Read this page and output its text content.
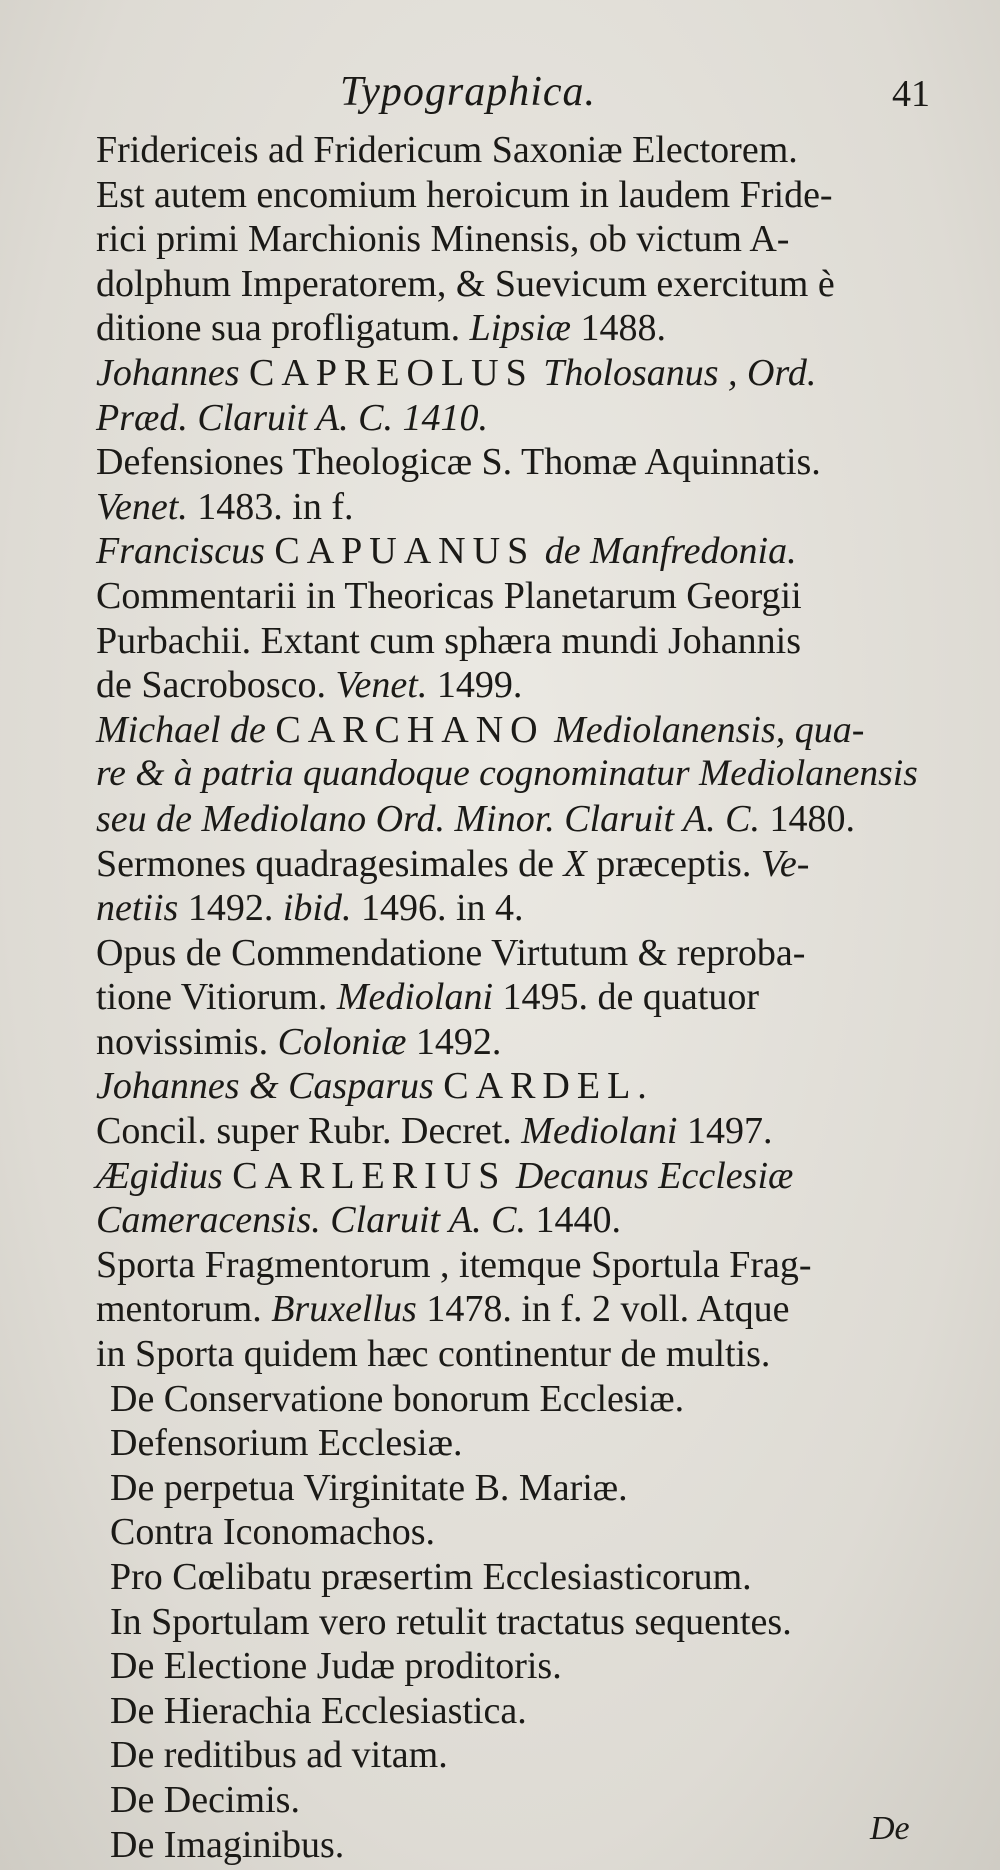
Typographica.	41
Fridericeis ad Fridericum Saxoniæ Electorem.
Est autem encomium heroicum in laudem Fride-
rici primi Marchionis Minensis, ob victum A-
dolphum Imperatorem, & Suevicum exercitum è
ditione sua profligatum. Lipsiæ 1488.
Johannes CAPREOLUS Tholosanus , Ord.
Præd. Claruit A. C. 1410.
Defensiones Theologicæ S. Thomæ Aquinnatis.
Venet. 1483. in f.
Franciscus CAPUANUS de Manfredonia.
Commentarii in Theoricas Planetarum Georgii
Purbachii. Extant cum sphæra mundi Johannis
de Sacrobosco. Venet. 1499.
Michael de CARCHANO Mediolanensis, qua-
re & à patria quandoque cognominatur Mediolanensis
seu de Mediolano Ord. Minor. Claruit A. C. 1480.
Sermones quadragesimales de X præceptis. Ve-
netiis 1492. ibid. 1496. in 4.
Opus de Commendatione Virtutum & reproba-
tione Vitiorum. Mediolani 1495. de quatuor
novissimis. Coloniæ 1492.
Johannes & Casparus CARDEL.
Concil. super Rubr. Decret. Mediolani 1497.
Ægidius CARLERIUS Decanus Ecclesiæ
Cameracensis. Claruit A. C. 1440.
Sporta Fragmentorum , itemque Sportula Frag-
mentorum. Bruxellus 1478. in f. 2 voll. Atque
in Sporta quidem hæc continentur de multis.
De Conservatione bonorum Ecclesiæ.
Defensorium Ecclesiæ.
De perpetua Virginitate B. Mariæ.
Contra Iconomachos.
Pro Cœlibatu præsertim Ecclesiasticorum.
In Sportulam vero retulit tractatus sequentes.
De Electione Judæ proditoris.
De Hierachia Ecclesiastica.
De reditibus ad vitam.
De Decimis.
De Imaginibus.	De
